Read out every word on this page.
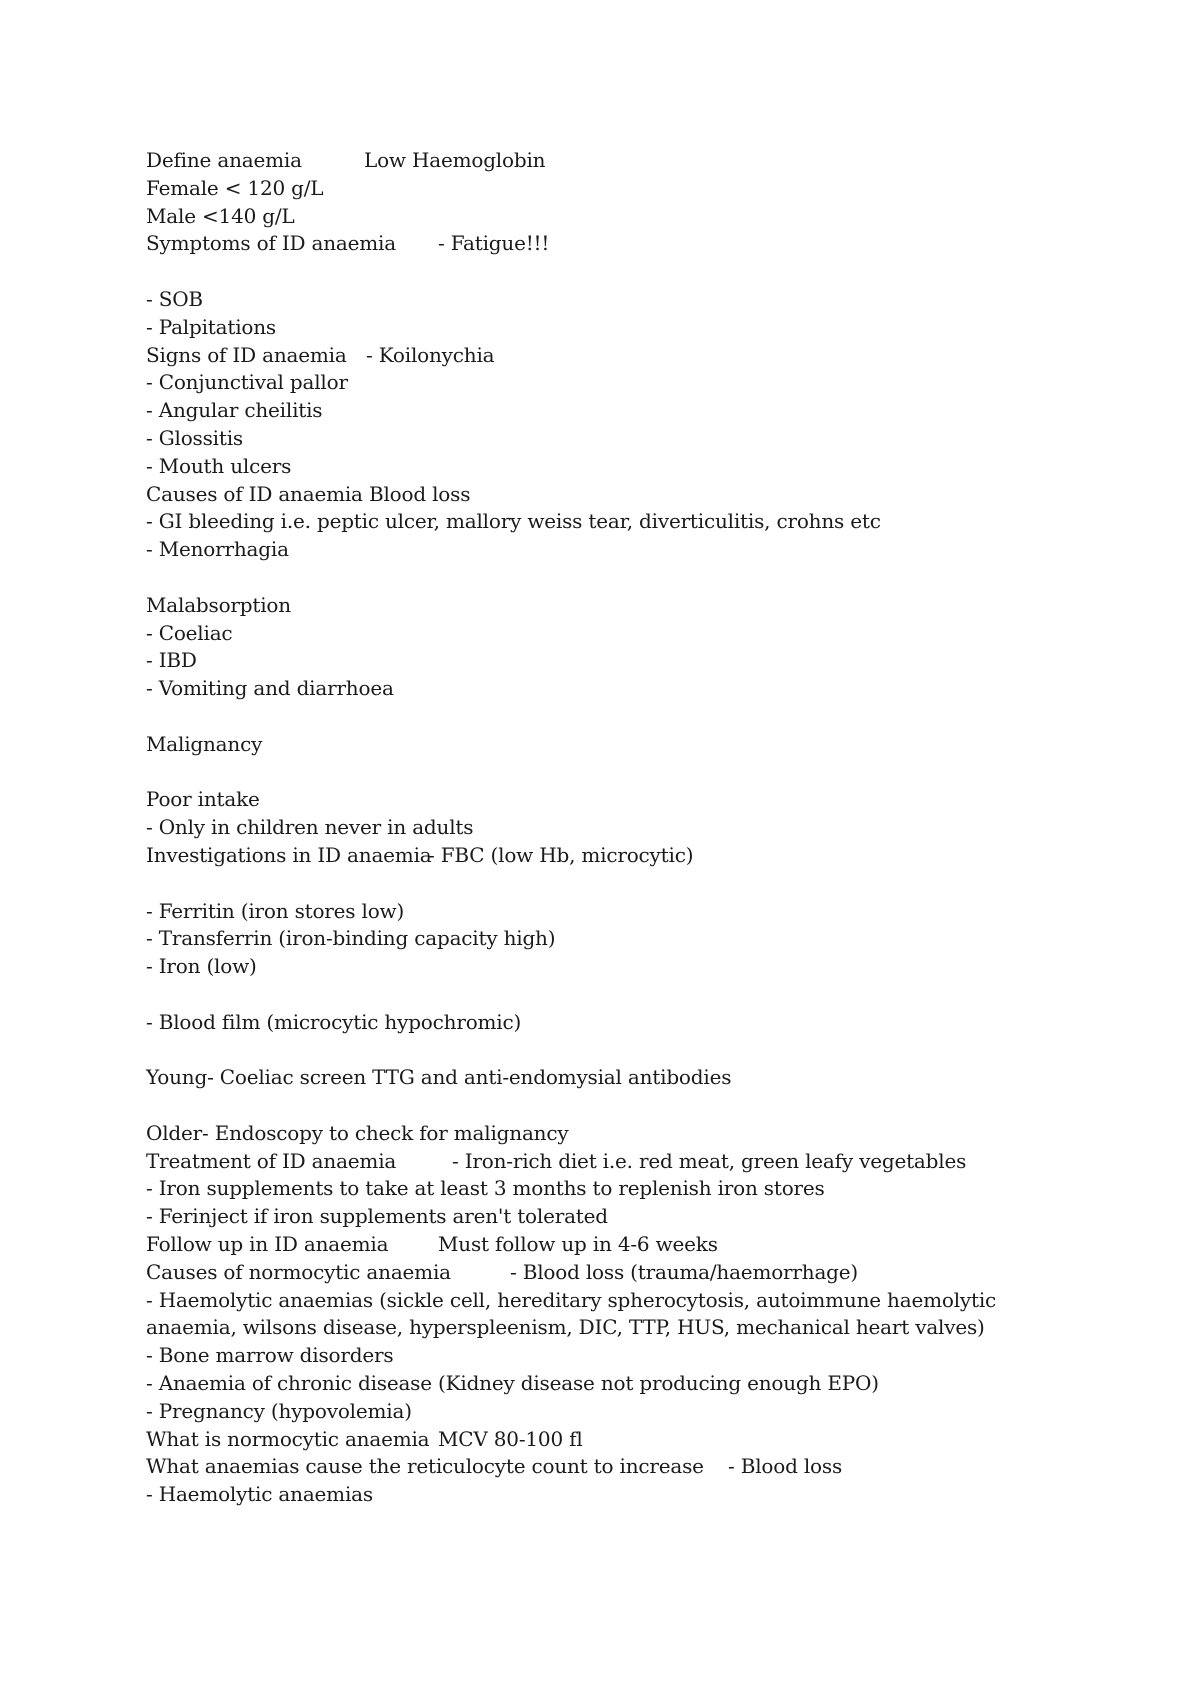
Define anaemia	Low Haemoglobin
Female < 120 g/L
Male <140 g/L
Symptoms of ID anaemia - Fatigue!!!
- SOB
- Palpitations
Signs of ID anaemia - Koilonychia
- Conjunctival pallor
- Angular cheilitis
- Glossitis
- Mouth ulcers
Causes of ID anaemia Blood loss
- GI bleeding i.e. peptic ulcer, mallory weiss tear, diverticulitis, crohns etc
- Menorrhagia
Malabsorption
- Coeliac
- IBD
- Vomiting and diarrhoea
Malignancy
Poor intake
- Only in children never in adults
Investigations in ID anaemia- FBC (low Hb, microcytic)
- Ferritin (iron stores low)
- Transferrin (iron-binding capacity high)
- Iron (low)
- Blood film (microcytic hypochromic)
Young- Coeliac screen TTG and anti-endomysial antibodies
Older- Endoscopy to check for malignancy
Treatment of ID anaemia	- Iron-rich diet i.e. red meat, green leafy vegetables
- Iron supplements to take at least 3 months to replenish iron stores
- Ferinject if iron supplements aren't tolerated
Follow up in ID anaemia Must follow up in 4-6 weeks
Causes of normocytic anaemia	- Blood loss (trauma/haemorrhage)
- Haemolytic anaemias (sickle cell, hereditary spherocytosis, autoimmune haemolytic
anaemia, wilsons disease, hyperspleenism, DIC, TTP, HUS, mechanical heart valves)
- Bone marrow disorders
- Anaemia of chronic disease (Kidney disease not producing enough EPO)
- Pregnancy (hypovolemia)
What is normocytic anaemia MCV 80-100 fl
What anaemias cause the reticulocyte count to increase - Blood loss
- Haemolytic anaemias
